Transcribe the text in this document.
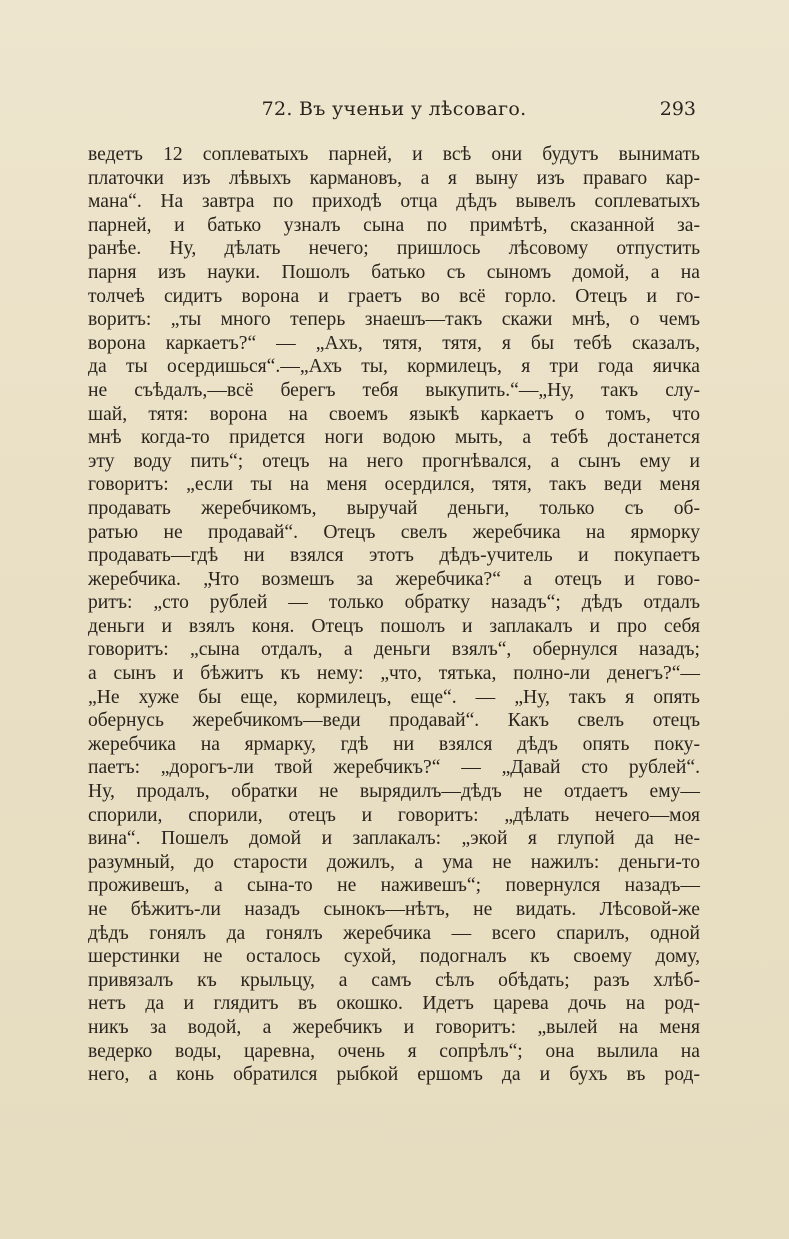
72. Въ ученьи у лѣсоваго.	293
ведетъ 12 соплеватыхъ парней, и всѣ они будутъ вынимать
платочки изъ лѣвыхъ кармановъ, а я выну изъ праваго кар-
мана“. На завтра по приходѣ отца дѣдъ вывелъ соплеватыхъ
парней, и батько узналъ сына по примѣтѣ, сказанной за-
ранѣе. Ну, дѣлать нечего; пришлось лѣсовому отпустить
парня изъ науки. Пошолъ батько съ сыномъ домой, а на
толчеѣ сидитъ ворона и граетъ во всё горло. Отецъ и го-
воритъ: „ты много теперь знаешъ—такъ скажи мнѣ, о чемъ
ворона каркаетъ?“ — „Ахъ, тятя, тятя, я бы тебѣ сказалъ,
да ты осердишься“.—„Ахъ ты, кормилецъ, я три года яичка
не съѣдалъ,—всё берегъ тебя выкупить.“—„Ну, такъ слу-
шай, тятя: ворона на своемъ языкѣ каркаетъ о томъ, что
мнѣ когда-то придется ноги водою мыть, а тебѣ достанется
эту воду пить“; отецъ на него прогнѣвался, а сынъ ему и
говоритъ: „если ты на меня осердился, тятя, такъ веди меня
продавать жеребчикомъ, выручай деньги, только съ об-
ратью не продавай“. Отецъ свелъ жеребчика на ярморку
продавать—гдѣ ни взялся этотъ дѣдъ-учитель и покупаетъ
жеребчика. „Что возмешъ за жеребчика?“ а отецъ и гово-
ритъ: „сто рублей — только обратку назадъ“; дѣдъ отдалъ
деньги и взялъ коня. Отецъ пошолъ и заплакалъ и про себя
говоритъ: „сына отдалъ, а деньги взялъ“, обернулся назадъ;
а сынъ и бѣжитъ къ нему: „что, тятька, полно-ли денегъ?“—
„Не хуже бы еще, кормилецъ, еще“. — „Ну, такъ я опять
обернусь жеребчикомъ—веди продавай“. Какъ свелъ отецъ
жеребчика на ярмарку, гдѣ ни взялся дѣдъ опять поку-
паетъ: „дорогъ-ли твой жеребчикъ?“ — „Давай сто рублей“.
Ну, продалъ, обратки не вырядилъ—дѣдъ не отдаетъ ему—
спорили, спорили, отецъ и говоритъ: „дѣлать нечего—моя
вина“. Пошелъ домой и заплакалъ: „экой я глупой да не-
разумный, до старости дожилъ, а ума не нажилъ: деньги-то
проживешъ, а сына-то не наживешъ“; повернулся назадъ—
не бѣжитъ-ли назадъ сынокъ—нѣтъ, не видать. Лѣсовой-же
дѣдъ гонялъ да гонялъ жеребчика — всего спарилъ, одной
шерстинки не осталось сухой, подогналъ къ своему дому,
привязалъ къ крыльцу, а самъ сѣлъ обѣдать; разъ хлѣб-
нетъ да и глядитъ въ окошко. Идетъ царева дочь на род-
никъ за водой, а жеребчикъ и говоритъ: „вылей на меня
ведерко воды, царевна, очень я сопрѣлъ“; она вылила на
него, а конь обратился рыбкой ершомъ да и бухъ въ род-
